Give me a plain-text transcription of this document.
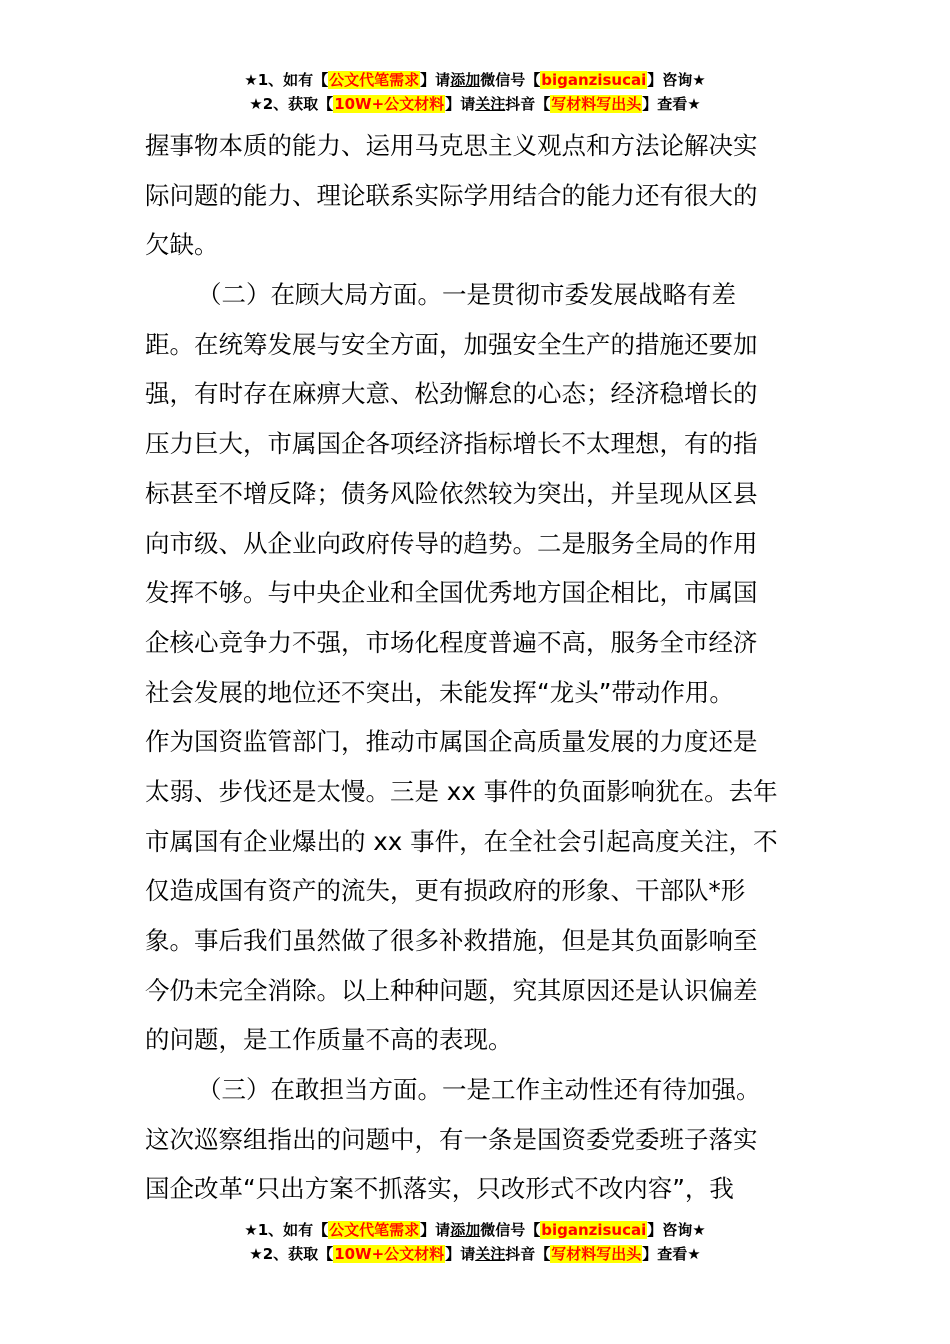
★1、如有【公文代笔需求】请添加微信号【biganzisucai】咨询★
★2、获取【10W+公文材料】请关注抖音【写材料写出头】查看★
握事物本质的能力、运用马克思主义观点和方法论解决实
际问题的能力、理论联系实际学用结合的能力还有很大的
欠缺。
（二）在顾大局方面。一是贯彻市委发展战略有差
距。在统筹发展与安全方面，加强安全生产的措施还要加
强，有时存在麻痹大意、松劲懈怠的心态；经济稳增长的
压力巨大，市属国企各项经济指标增长不太理想，有的指
标甚至不增反降；债务风险依然较为突出，并呈现从区县
向市级、从企业向政府传导的趋势。二是服务全局的作用
发挥不够。与中央企业和全国优秀地方国企相比，市属国
企核心竞争力不强，市场化程度普遍不高，服务全市经济
社会发展的地位还不突出，未能发挥“龙头”带动作用。
作为国资监管部门，推动市属国企高质量发展的力度还是
太弱、步伐还是太慢。三是 xx 事件的负面影响犹在。去年
市属国有企业爆出的 xx 事件，在全社会引起高度关注，不
仅造成国有资产的流失，更有损政府的形象、干部队*形
象。事后我们虽然做了很多补救措施，但是其负面影响至
今仍未完全消除。以上种种问题，究其原因还是认识偏差
的问题，是工作质量不高的表现。
（三）在敢担当方面。一是工作主动性还有待加强。
这次巡察组指出的问题中，有一条是国资委党委班子落实
国企改革“只出方案不抓落实，只改形式不改内容”，我
★1、如有【公文代笔需求】请添加微信号【biganzisucai】咨询★
★2、获取【10W+公文材料】请关注抖音【写材料写出头】查看★
